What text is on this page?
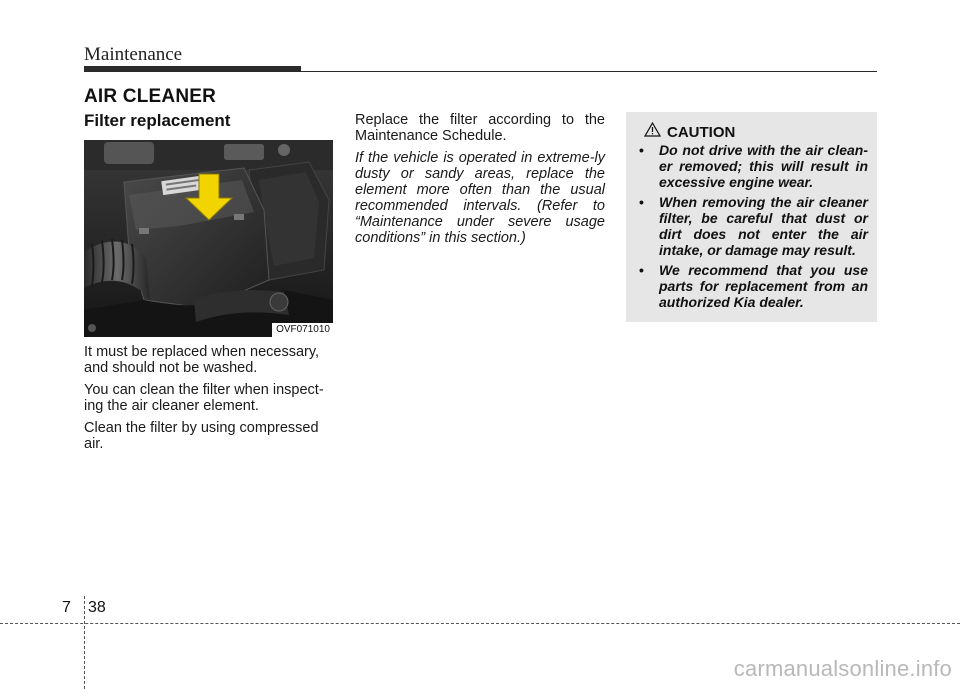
Maintenance
AIR CLEANER
Filter replacement
OVF071010

It must be replaced when necessary, and should not be washed.

You can clean the filter when inspect-ing the air cleaner element.

Clean the filter by using compressed air.

Replace the filter according to the Maintenance Schedule.

If the vehicle is operated in extreme-ly dusty or sandy areas, replace the element more often than the usual recommended intervals. (Refer to “Maintenance under severe usage conditions” in this section.)

CAUTION
• Do not drive with the air clean-er removed; this will result in excessive engine wear.
• When removing the air cleaner filter, be careful that dust or dirt does not enter the air intake, or damage may result.
• We recommend that you use parts for replacement from an authorized Kia dealer.
7 38
carmanualsonline.info
